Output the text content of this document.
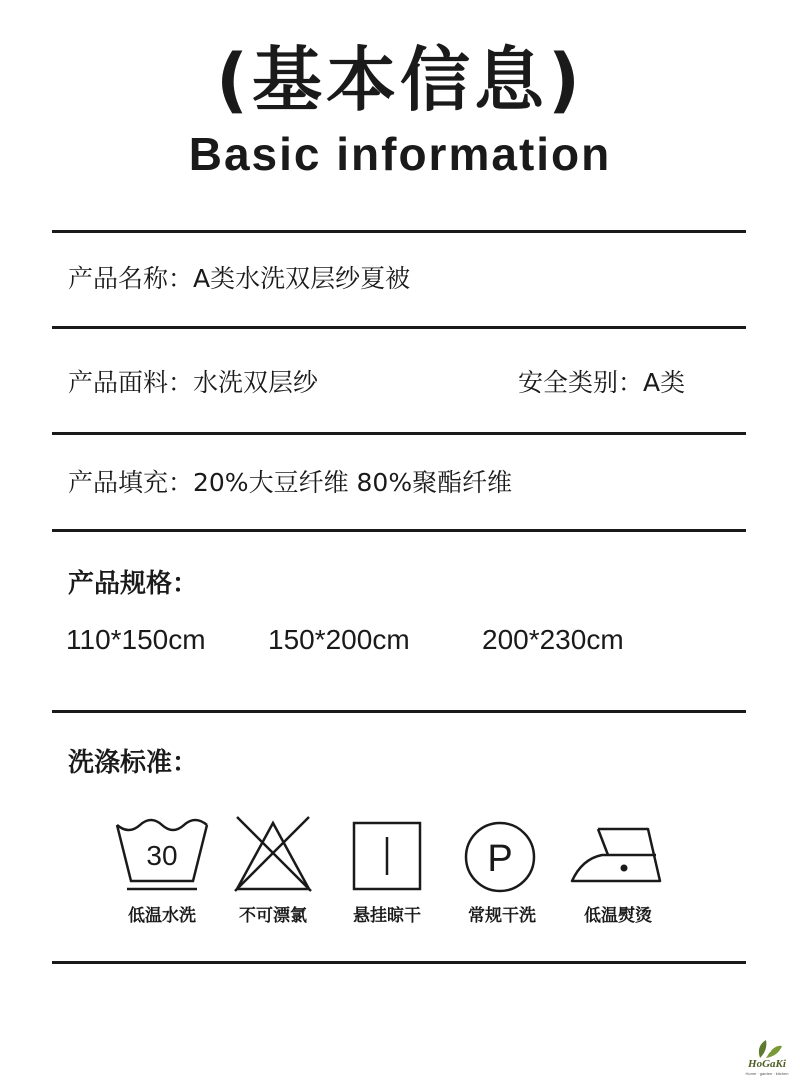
(基本信息)
Basic information
产品名称：A类水洗双层纱夏被
产品面料：水洗双层纱	安全类别：A类
产品填充：20%大豆纤维 80%聚酯纤维
产品规格：
110*150cm 150*200cm	200*230cm
洗涤标准：
30
低温水洗	不可漂氯	悬挂晾干
P
常规干洗	低温熨烫
HoGaKi
Home · garden · kitchen
